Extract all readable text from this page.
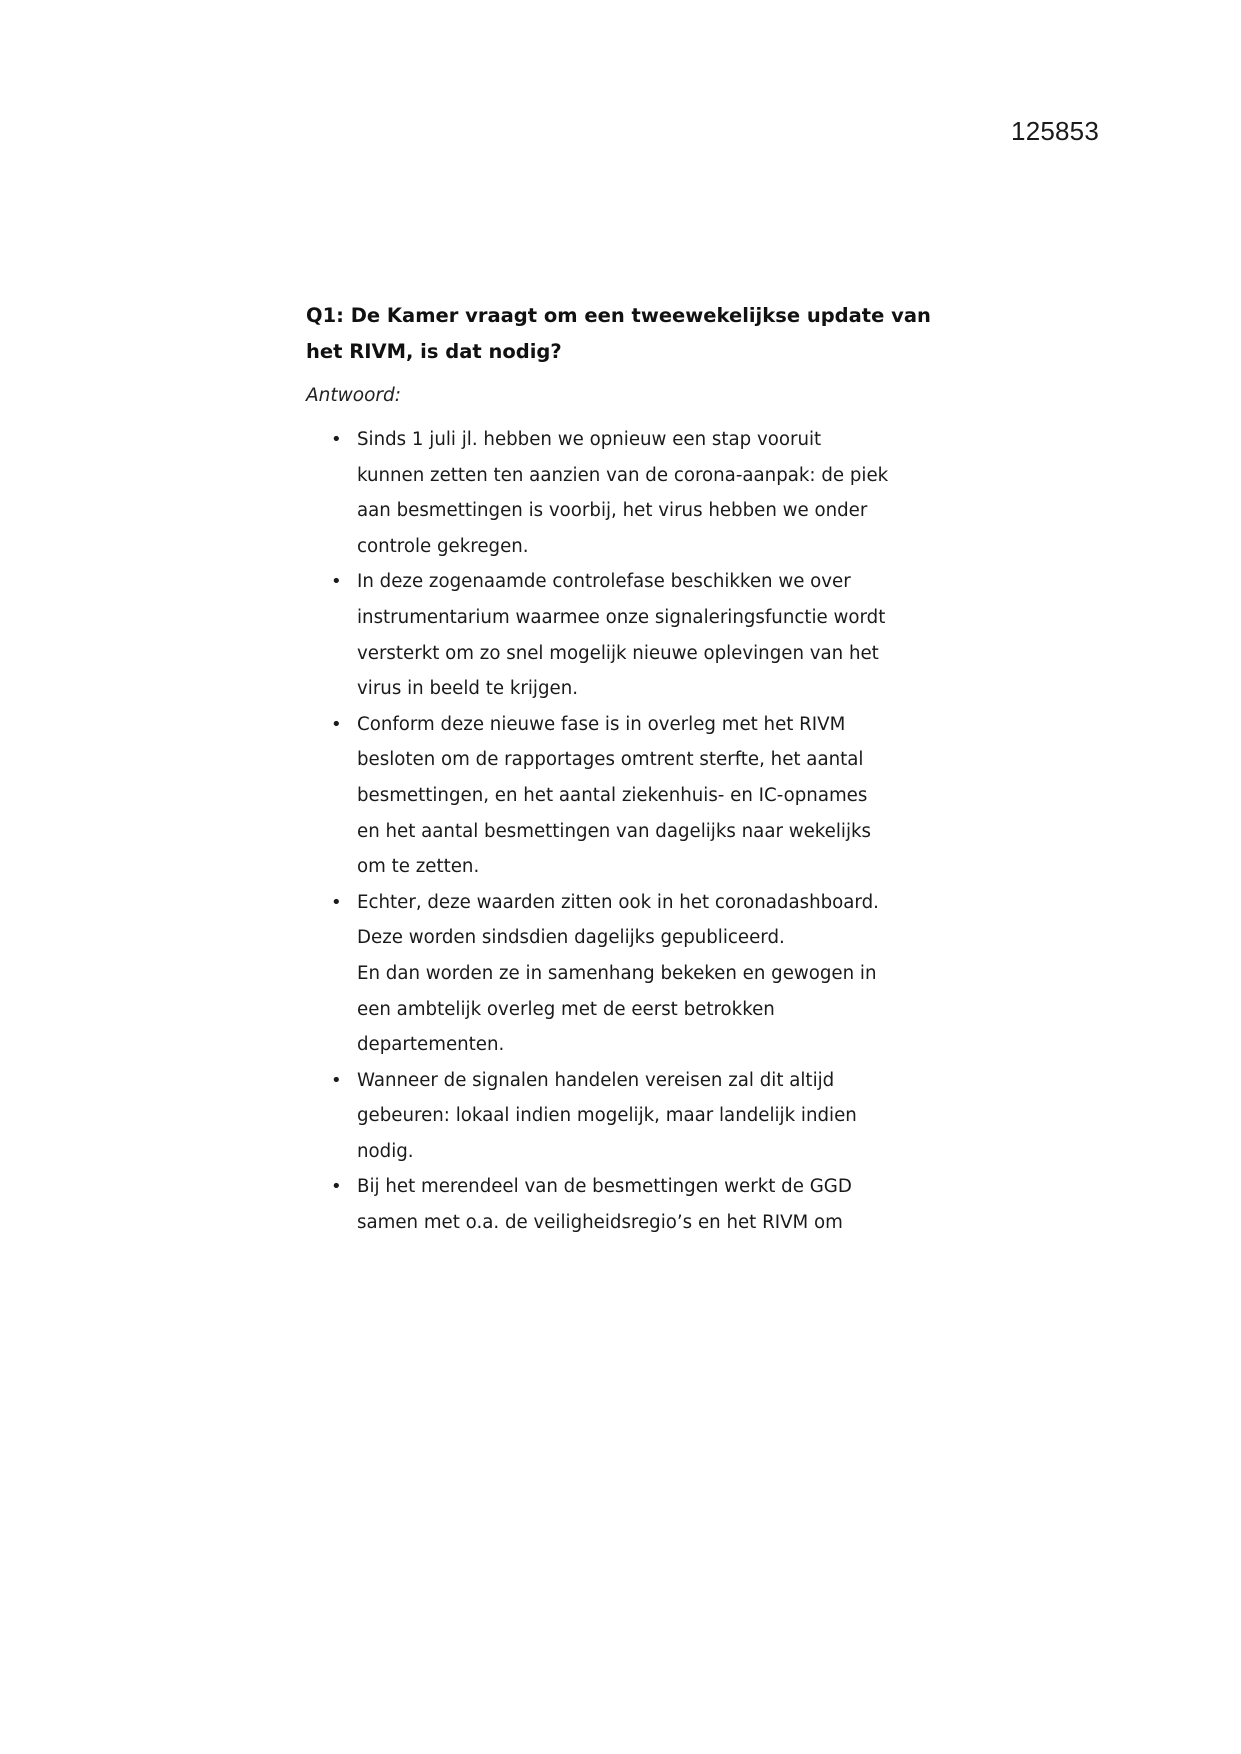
125853
Q1: De Kamer vraagt om een tweewekelijkse update van
het RIVM, is dat nodig?
Antwoord:
• Sinds 1 juli jl. hebben we opnieuw een stap vooruit
kunnen zetten ten aanzien van de corona-aanpak: de piek
aan besmettingen is voorbij, het virus hebben we onder
controle gekregen.
• In deze zogenaamde controlefase beschikken we over
instrumentarium waarmee onze signaleringsfunctie wordt
versterkt om zo snel mogelijk nieuwe oplevingen van het
virus in beeld te krijgen.
• Conform deze nieuwe fase is in overleg met het RIVM
besloten om de rapportages omtrent sterfte, het aantal
besmettingen, en het aantal ziekenhuis- en IC-opnames
en het aantal besmettingen van dagelijks naar wekelijks
om te zetten.
• Echter, deze waarden zitten ook in het coronadashboard.
Deze worden sindsdien dagelijks gepubliceerd.
En dan worden ze in samenhang bekeken en gewogen in
een ambtelijk overleg met de eerst betrokken
departementen.
• Wanneer de signalen handelen vereisen zal dit altijd
gebeuren: lokaal indien mogelijk, maar landelijk indien
nodig.
• Bij het merendeel van de besmettingen werkt de GGD
samen met o.a. de veiligheidsregio’s en het RIVM om
